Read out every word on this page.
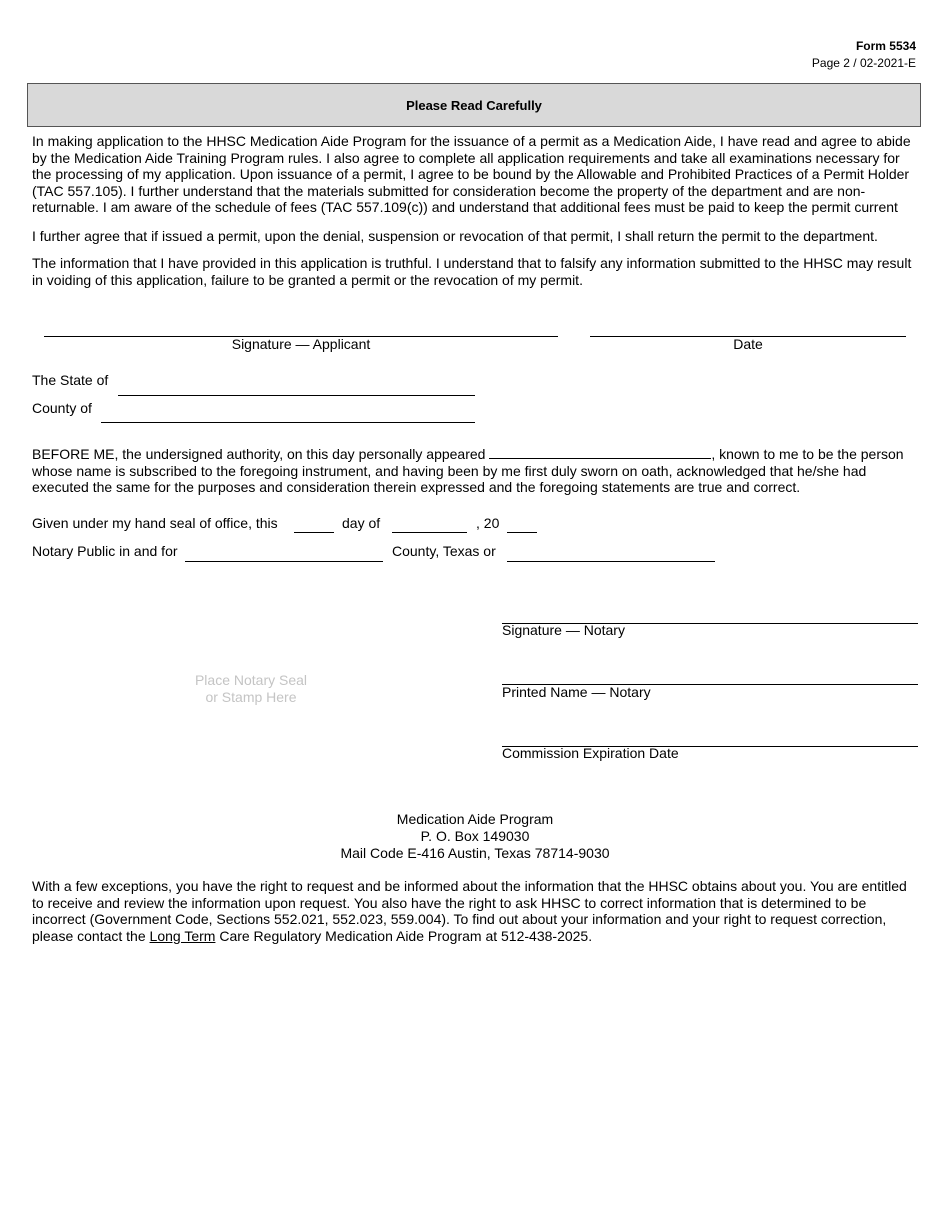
Form 5534
Page 2 / 02-2021-E
Please Read Carefully

In making application to the HHSC Medication Aide Program for the issuance of a permit as a Medication Aide, I have read and agree to abide by the Medication Aide Training Program rules. I also agree to complete all application requirements and take all examinations necessary for the processing of my application. Upon issuance of a permit, I agree to be bound by the Allowable and Prohibited Practices of a Permit Holder (TAC 557.105). I further understand that the materials submitted for consideration become the property of the department and are non-returnable. I am aware of the schedule of fees (TAC 557.109(c)) and understand that additional fees must be paid to keep the permit current

I further agree that if issued a permit, upon the denial, suspension or revocation of that permit, I shall return the permit to the department.

The information that I have provided in this application is truthful. I understand that to falsify any information submitted to the HHSC may result in voiding of this application, failure to be granted a permit or the revocation of my permit.

Signature — Applicant	Date
The State of
County of

BEFORE ME, the undersigned authority, on this day personally appeared	, known to me to be the person whose name is subscribed to the foregoing instrument, and having been by me first duly sworn on oath, acknowledged that he/she had executed the same for the purposes and consideration therein expressed and the foregoing statements are true and correct.

Given under my hand seal of office, this	day of	, 20
Notary Public in and for	County, Texas or
Place Notary Seal
or Stamp Here
Signature — Notary
Printed Name — Notary
Commission Expiration Date
Medication Aide Program
P. O. Box 149030
Mail Code E-416 Austin, Texas 78714-9030

With a few exceptions, you have the right to request and be informed about the information that the HHSC obtains about you. You are entitled to receive and review the information upon request. You also have the right to ask HHSC to correct information that is determined to be incorrect (Government Code, Sections 552.021, 552.023, 559.004). To find out about your information and your right to request correction, please contact the Long Term Care Regulatory Medication Aide Program at 512-438-2025.
